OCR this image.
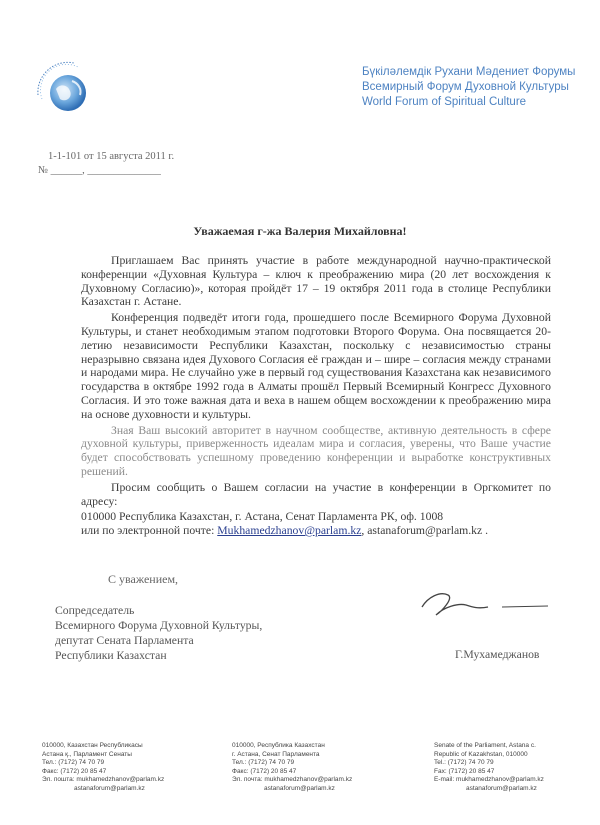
Бүкіләлемдік Рухани Мәдениет Форумы
Всемирный Форум Духовной Культуры
World Forum of Spiritual Culture
1-1-101 от 15 августа 2011 г.
№ ______, ______________
Уважаемая г-жа Валерия Михайловна!

Приглашаем Вас принять участие в работе международной научно-практической конференции «Духовная Культура – ключ к преображению мира (20 лет восхождения к Духовному Согласию)», которая пройдёт 17 – 19 октября 2011 года в столице Республики Казахстан г. Астане.

Конференция подведёт итоги года, прошедшего после Всемирного Форума Духовной Культуры, и станет необходимым этапом подготовки Второго Форума. Она посвящается 20-летию независимости Республики Казахстан, поскольку с независимостью страны неразрывно связана идея Духового Согласия её граждан и – шире – согласия между странами и народами мира. Не случайно уже в первый год существования Казахстана как независимого государства в октябре 1992 года в Алматы прошёл Первый Всемирный Конгресс Духовного Согласия. И это тоже важная дата и веха в нашем общем восхождении к преображению мира на основе духовности и культуры.

Зная Ваш высокий авторитет в научном сообществе, активную деятельность в сфере духовной культуры, приверженность идеалам мира и согласия, уверены, что Ваше участие будет способствовать успешному проведению конференции и выработке конструктивных решений.

Просим сообщить о Вашем согласии на участие в конференции в Оргкомитет по адресу:

010000 Республика Казахстан, г. Астана, Сенат Парламента РК, оф. 1008
или по электронной почте: Mukhamedzhanov@parlam.kz, astanaforum@parlam.kz .
С уважением,
Сопредседатель
Всемирного Форума Духовной Культуры,
депутат Сената Парламента
Республики Казахстан	Г.Мухамеджанов
010000, Казахстан Республикасы
Астана қ., Парламент Сенаты
Тел.: (7172) 74 70 79
Факс: (7172) 20 85 47
Эл. пошта: mukhamedzhanov@parlam.kz
astanaforum@parlam.kz
010000, Республика Казахстан
г. Астана, Сенат Парламента
Тел.: (7172) 74 70 79
Факс: (7172) 20 85 47
Эл. почта: mukhamedzhanov@parlam.kz
astanaforum@parlam.kz
Senate of the Parliament, Astana c.
Republic of Kazakhstan, 010000
Tel.: (7172) 74 70 79
Fax: (7172) 20 85 47
E-mail: mukhamedzhanov@parlam.kz
astanaforum@parlam.kz
